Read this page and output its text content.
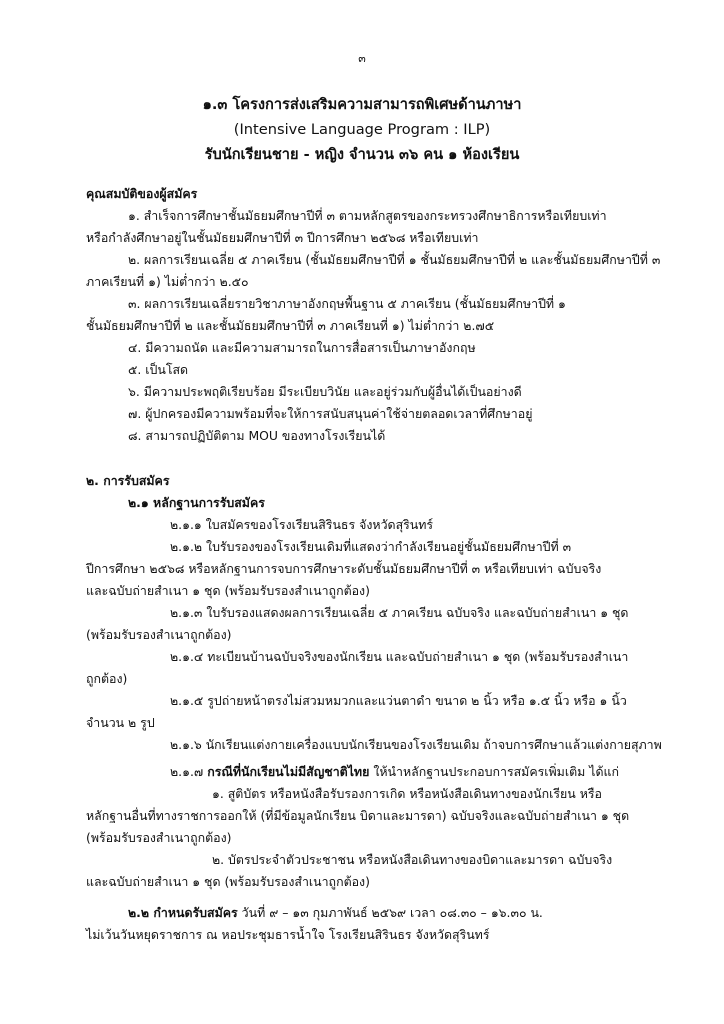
๓
๑.๓ โครงการส่งเสริมความสามารถพิเศษด้านภาษา
(Intensive Language Program : ILP)
รับนักเรียนชาย - หญิง จำนวน ๓๖ คน ๑ ห้องเรียน
คุณสมบัติของผู้สมัคร
๑. สำเร็จการศึกษาชั้นมัธยมศึกษาปีที่ ๓ ตามหลักสูตรของกระทรวงศึกษาธิการหรือเทียบเท่า
หรือกำลังศึกษาอยู่ในชั้นมัธยมศึกษาปีที่ ๓ ปีการศึกษา ๒๕๖๘ หรือเทียบเท่า
๒. ผลการเรียนเฉลี่ย ๕ ภาคเรียน (ชั้นมัธยมศึกษาปีที่ ๑ ชั้นมัธยมศึกษาปีที่ ๒ และชั้นมัธยมศึกษาปีที่ ๓
ภาคเรียนที่ ๑) ไม่ต่ำกว่า ๒.๕๐
๓. ผลการเรียนเฉลี่ยรายวิชาภาษาอังกฤษพื้นฐาน ๕ ภาคเรียน (ชั้นมัธยมศึกษาปีที่ ๑
ชั้นมัธยมศึกษาปีที่ ๒ และชั้นมัธยมศึกษาปีที่ ๓ ภาคเรียนที่ ๑) ไม่ต่ำกว่า ๒.๗๕
๔. มีความถนัด และมีความสามารถในการสื่อสารเป็นภาษาอังกฤษ
๕. เป็นโสด
๖. มีความประพฤติเรียบร้อย มีระเบียบวินัย และอยู่ร่วมกับผู้อื่นได้เป็นอย่างดี
๗. ผู้ปกครองมีความพร้อมที่จะให้การสนับสนุนค่าใช้จ่ายตลอดเวลาที่ศึกษาอยู่
๘. สามารถปฏิบัติตาม MOU ของทางโรงเรียนได้
๒. การรับสมัคร
๒.๑ หลักฐานการรับสมัคร
๒.๑.๑ ใบสมัครของโรงเรียนสิรินธร จังหวัดสุรินทร์
๒.๑.๒ ใบรับรองของโรงเรียนเดิมที่แสดงว่ากำลังเรียนอยู่ชั้นมัธยมศึกษาปีที่ ๓
ปีการศึกษา ๒๕๖๘ หรือหลักฐานการจบการศึกษาระดับชั้นมัธยมศึกษาปีที่ ๓ หรือเทียบเท่า ฉบับจริง
และฉบับถ่ายสำเนา ๑ ชุด (พร้อมรับรองสำเนาถูกต้อง)
๒.๑.๓ ใบรับรองแสดงผลการเรียนเฉลี่ย ๕ ภาคเรียน ฉบับจริง และฉบับถ่ายสำเนา ๑ ชุด
(พร้อมรับรองสำเนาถูกต้อง)
๒.๑.๔ ทะเบียนบ้านฉบับจริงของนักเรียน และฉบับถ่ายสำเนา ๑ ชุด (พร้อมรับรองสำเนา
ถูกต้อง)
๒.๑.๕ รูปถ่ายหน้าตรงไม่สวมหมวกและแว่นตาดำ ขนาด ๒ นิ้ว หรือ ๑.๕ นิ้ว หรือ ๑ นิ้ว
จำนวน ๒ รูป
๒.๑.๖ นักเรียนแต่งกายเครื่องแบบนักเรียนของโรงเรียนเดิม ถ้าจบการศึกษาแล้วแต่งกายสุภาพ
๒.๑.๗ กรณีที่นักเรียนไม่มีสัญชาติไทย ให้นำหลักฐานประกอบการสมัครเพิ่มเติม ได้แก่
๑. สูติบัตร หรือหนังสือรับรองการเกิด หรือหนังสือเดินทางของนักเรียน หรือ
หลักฐานอื่นที่ทางราชการออกให้ (ที่มีข้อมูลนักเรียน บิดาและมารดา) ฉบับจริงและฉบับถ่ายสำเนา ๑ ชุด
(พร้อมรับรองสำเนาถูกต้อง)
๒. บัตรประจำตัวประชาชน หรือหนังสือเดินทางของบิดาและมารดา ฉบับจริง
และฉบับถ่ายสำเนา ๑ ชุด (พร้อมรับรองสำเนาถูกต้อง)
๒.๒ กำหนดรับสมัคร วันที่ ๙ – ๑๓ กุมภาพันธ์ ๒๕๖๙ เวลา ๐๘.๓๐ – ๑๖.๓๐ น.
ไม่เว้นวันหยุดราชการ ณ หอประชุมธารน้ำใจ โรงเรียนสิรินธร จังหวัดสุรินทร์
